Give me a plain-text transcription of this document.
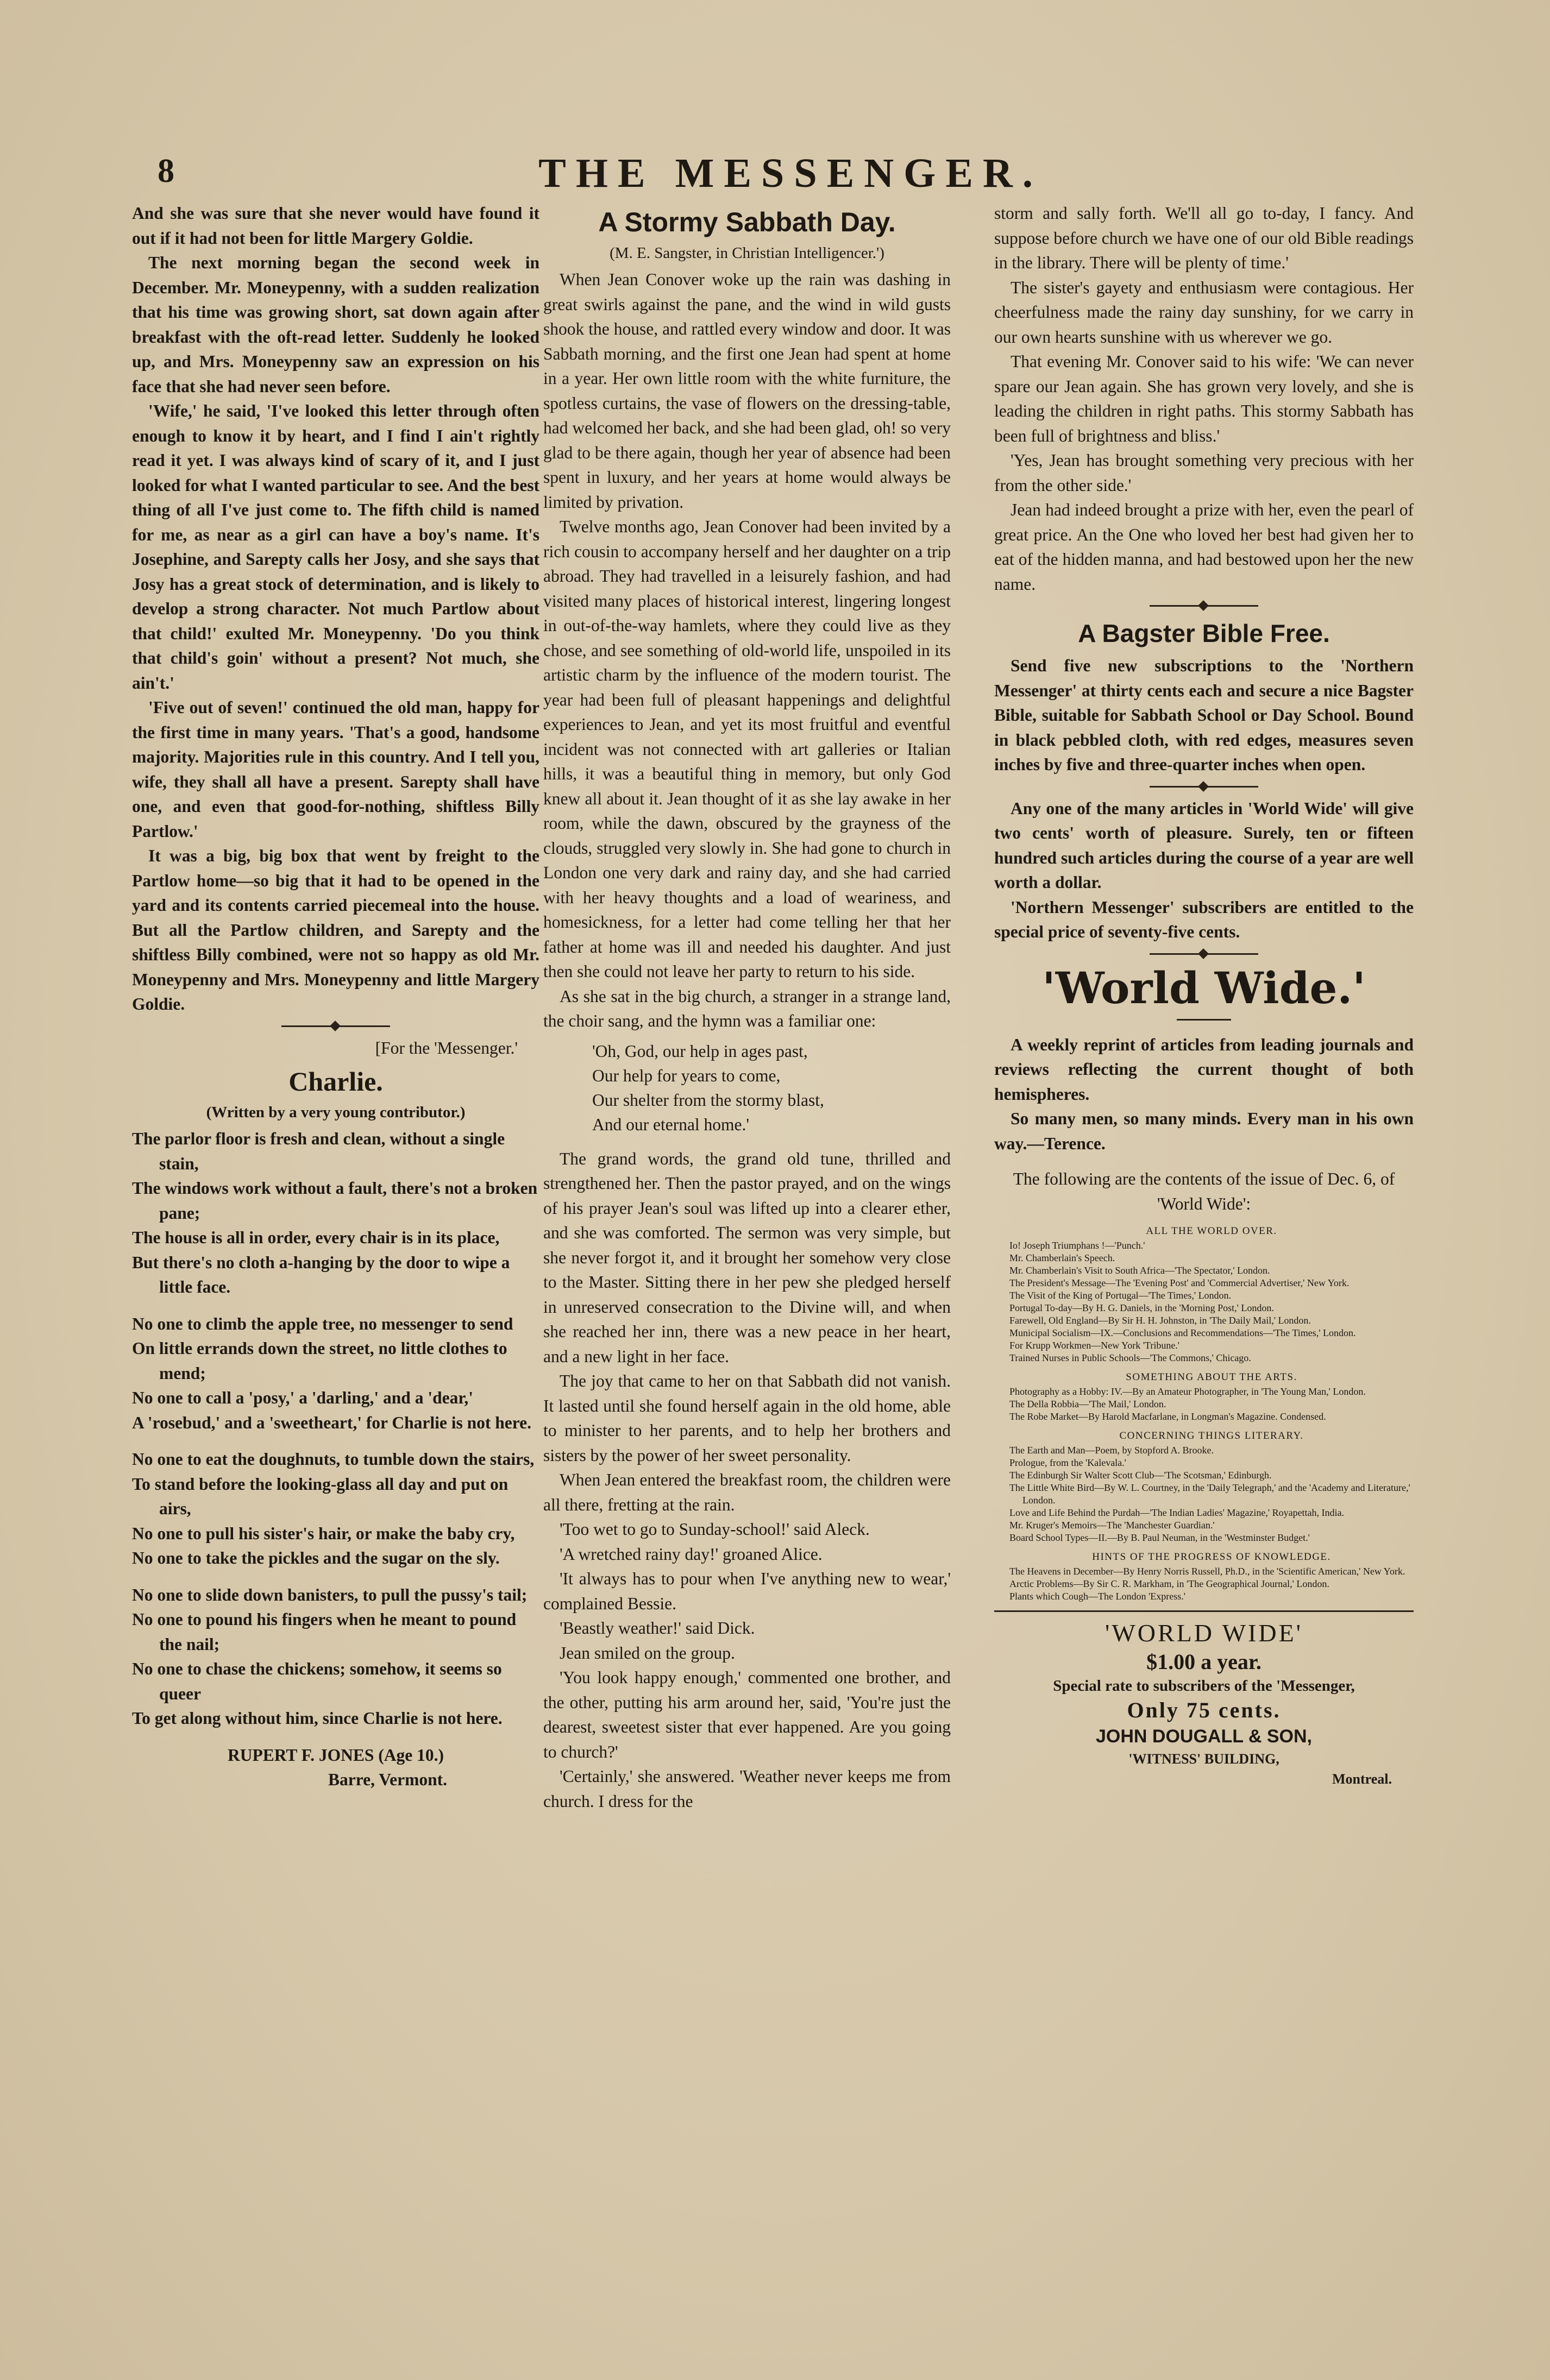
8	THE MESSENGER.

And she was sure that she never would have found it out if it had not been for little Margery Goldie.

The next morning began the second week in December. Mr. Moneypenny, with a sudden realization that his time was growing short, sat down again after breakfast with the oft-read letter. Suddenly he looked up, and Mrs. Moneypenny saw an expression on his face that she had never seen before.

'Wife,' he said, 'I've looked this letter through often enough to know it by heart, and I find I ain't rightly read it yet. I was always kind of scary of it, and I just looked for what I wanted particular to see. And the best thing of all I've just come to. The fifth child is named for me, as near as a girl can have a boy's name. It's Josephine, and Sarepty calls her Josy, and she says that Josy has a great stock of determination, and is likely to develop a strong character. Not much Partlow about that child!' exulted Mr. Moneypenny. 'Do you think that child's goin' without a present? Not much, she ain't.'

'Five out of seven!' continued the old man, happy for the first time in many years. 'That's a good, handsome majority. Majorities rule in this country. And I tell you, wife, they shall all have a present. Sarepty shall have one, and even that good-for-nothing, shiftless Billy Partlow.'

It was a big, big box that went by freight to the Partlow home—so big that it had to be opened in the yard and its contents carried piecemeal into the house. But all the Partlow children, and Sarepty and the shiftless Billy combined, were not so happy as old Mr. Moneypenny and Mrs. Moneypenny and little Margery Goldie.

[For the 'Messenger.'
Charlie.
(Written by a very young contributor.)
The parlor floor is fresh and clean, without a single stain,
The windows work without a fault, there's not a broken pane;
The house is all in order, every chair is in its place,
But there's no cloth a-hanging by the door to wipe a little face.
No one to climb the apple tree, no messenger to send
On little errands down the street, no little clothes to mend;
No one to call a 'posy,' a 'darling,' and a 'dear,'
A 'rosebud,' and a 'sweetheart,' for Charlie is not here.
No one to eat the doughnuts, to tumble down the stairs,
To stand before the looking-glass all day and put on airs,
No one to pull his sister's hair, or make the baby cry,
No one to take the pickles and the sugar on the sly.
No one to slide down banisters, to pull the pussy's tail;
No one to pound his fingers when he meant to pound the nail;
No one to chase the chickens; somehow, it seems so queer
To get along without him, since Charlie is not here.
RUPERT F. JONES (Age 10.)
Barre, Vermont.
A Stormy Sabbath Day.
(M. E. Sangster, in Christian Intelligencer.')

When Jean Conover woke up the rain was dashing in great swirls against the pane, and the wind in wild gusts shook the house, and rattled every window and door. It was Sabbath morning, and the first one Jean had spent at home in a year. Her own little room with the white furniture, the spotless curtains, the vase of flowers on the dressing-table, had welcomed her back, and she had been glad, oh! so very glad to be there again, though her year of absence had been spent in luxury, and her years at home would always be limited by privation.

Twelve months ago, Jean Conover had been invited by a rich cousin to accompany herself and her daughter on a trip abroad. They had travelled in a leisurely fashion, and had visited many places of historical interest, lingering longest in out-of-the-way hamlets, where they could live as they chose, and see something of old-world life, unspoiled in its artistic charm by the influence of the modern tourist. The year had been full of pleasant happenings and delightful experiences to Jean, and yet its most fruitful and eventful incident was not connected with art galleries or Italian hills, it was a beautiful thing in memory, but only God knew all about it. Jean thought of it as she lay awake in her room, while the dawn, obscured by the grayness of the clouds, struggled very slowly in. She had gone to church in London one very dark and rainy day, and she had carried with her heavy thoughts and a load of weariness, and homesickness, for a letter had come telling her that her father at home was ill and needed his daughter. And just then she could not leave her party to return to his side.

As she sat in the big church, a stranger in a strange land, the choir sang, and the hymn was a familiar one:

'Oh, God, our help in ages past,
Our help for years to come,
Our shelter from the stormy blast,
And our eternal home.'

The grand words, the grand old tune, thrilled and strengthened her. Then the pastor prayed, and on the wings of his prayer Jean's soul was lifted up into a clearer ether, and she was comforted. The sermon was very simple, but she never forgot it, and it brought her somehow very close to the Master. Sitting there in her pew she pledged herself in unreserved consecration to the Divine will, and when she reached her inn, there was a new peace in her heart, and a new light in her face.

The joy that came to her on that Sabbath did not vanish. It lasted until she found herself again in the old home, able to minister to her parents, and to help her brothers and sisters by the power of her sweet personality.

When Jean entered the breakfast room, the children were all there, fretting at the rain.

'Too wet to go to Sunday-school!' said Aleck.

'A wretched rainy day!' groaned Alice.

'It always has to pour when I've anything new to wear,' complained Bessie.

'Beastly weather!' said Dick.

Jean smiled on the group.

'You look happy enough,' commented one brother, and the other, putting his arm around her, said, 'You're just the dearest, sweetest sister that ever happened. Are you going to church?'

'Certainly,' she answered. 'Weather never keeps me from church. I dress for the

storm and sally forth. We'll all go to-day, I fancy. And suppose before church we have one of our old Bible readings in the library. There will be plenty of time.'

The sister's gayety and enthusiasm were contagious. Her cheerfulness made the rainy day sunshiny, for we carry in our own hearts sunshine with us wherever we go.

That evening Mr. Conover said to his wife: 'We can never spare our Jean again. She has grown very lovely, and she is leading the children in right paths. This stormy Sabbath has been full of brightness and bliss.'

'Yes, Jean has brought something very precious with her from the other side.'

Jean had indeed brought a prize with her, even the pearl of great price. An the One who loved her best had given her to eat of the hidden manna, and had bestowed upon her the new name.

A Bagster Bible Free.

Send five new subscriptions to the 'Northern Messenger' at thirty cents each and secure a nice Bagster Bible, suitable for Sabbath School or Day School. Bound in black pebbled cloth, with red edges, measures seven inches by five and three-quarter inches when open.

Any one of the many articles in 'World Wide' will give two cents' worth of pleasure. Surely, ten or fifteen hundred such articles during the course of a year are well worth a dollar.

'Northern Messenger' subscribers are entitled to the special price of seventy-five cents.

'World Wide.'

A weekly reprint of articles from leading journals and reviews reflecting the current thought of both hemispheres.

So many men, so many minds. Every man in his own way.—Terence.

The following are the contents of the issue of Dec. 6, of 'World Wide':
ALL THE WORLD OVER.
Io! Joseph Triumphans !—'Punch.'
Mr. Chamberlain's Speech.
Mr. Chamberlain's Visit to South Africa—'The Spectator,' London.
The President's Message—The 'Evening Post' and 'Commercial Advertiser,' New York.
The Visit of the King of Portugal—'The Times,' London.
Portugal To-day—By H. G. Daniels, in the 'Morning Post,' London.
Farewell, Old England—By Sir H. H. Johnston, in 'The Daily Mail,' London.
Municipal Socialism—IX.—Conclusions and Recommendations—'The Times,' London.
For Krupp Workmen—New York 'Tribune.'
Trained Nurses in Public Schools—'The Commons,' Chicago.
SOMETHING ABOUT THE ARTS.
Photography as a Hobby: IV.—By an Amateur Photographer, in 'The Young Man,' London.
The Della Robbia—'The Mail,' London.
The Robe Market—By Harold Macfarlane, in Longman's Magazine. Condensed.
CONCERNING THINGS LITERARY.
The Earth and Man—Poem, by Stopford A. Brooke.
Prologue, from the 'Kalevala.'
The Edinburgh Sir Walter Scott Club—'The Scotsman,' Edinburgh.
The Little White Bird—By W. L. Courtney, in the 'Daily Telegraph,' and the 'Academy and Literature,' London.
Love and Life Behind the Purdah—'The Indian Ladies' Magazine,' Royapettah, India.
Mr. Kruger's Memoirs—The 'Manchester Guardian.'
Board School Types—II.—By B. Paul Neuman, in the 'Westminster Budget.'
HINTS OF THE PROGRESS OF KNOWLEDGE.
The Heavens in December—By Henry Norris Russell, Ph.D., in the 'Scientific American,' New York.
Arctic Problems—By Sir C. R. Markham, in 'The Geographical Journal,' London.
Plants which Cough—The London 'Express.'
'WORLD WIDE'
$1.00 a year.
Special rate to subscribers of the 'Messenger,
Only 75 cents.
JOHN DOUGALL & SON,
'WITNESS' BUILDING,
Montreal.
